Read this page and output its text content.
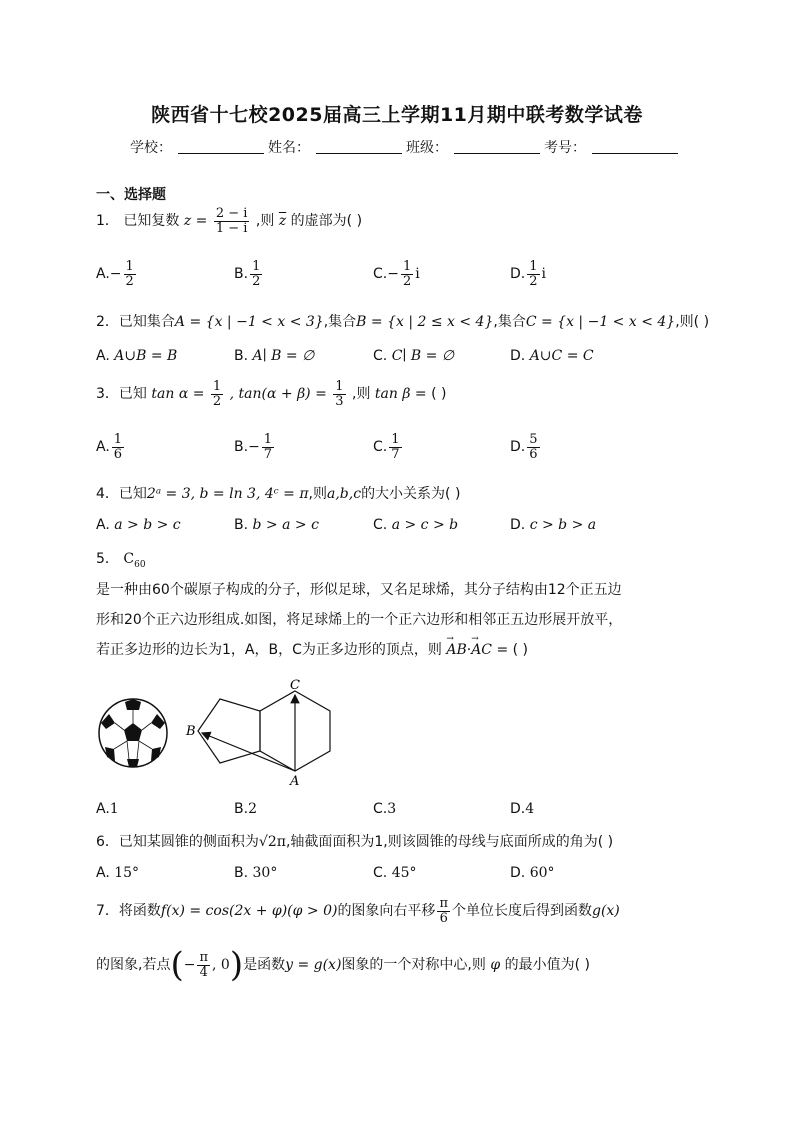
陕西省十七校2025届高三上学期11月期中联考数学试卷
学校：	姓名：	班级：	考号：
一、选择题
1． 已知复数 $z = \frac{2 - i}{1 - i}$ ,则 $\overline{z}$ 的虚部为( )
$A.- \frac{1}{2}$	B. $\frac{1}{2}$	$C.- \frac{1}{2}$ i	D. $\frac{1}{2}$ i
2．已知集合A = {x | −1 < x < 3},集合B = {x | 2 ≤ x < 4},集合C = {x | −1 < x < 4},则( )
A. A∪B = B	B. A∣ B = ∅	C. C∣ B = ∅	D. A∪C = C
3．已知 $\tan \alpha = \frac{1}{2}$ , $\tan(\alpha + \beta) = \frac{1}{3}$ ,则 tan β = ( )
A. $\frac{1}{6}$	$B.- \frac{1}{7}$	C. $\frac{1}{7}$	D. $\frac{5}{6}$
4．已知2ᵃ = 3, b = ln 3, 4ᶜ = π,则a,b,c的大小关系为( )
A. a > b > c	B. b > a > c	C. a > c > b	D. c > b > a
5． $C_{60}$
是一种由60个碳原子构成的分子，形似足球，又名足球烯，其分子结构由12个正五边
形和20个正六边形组成.如图，将足球烯上的一个正六边形和相邻正五边形展开放平，
若正多边形的边长为1，A，B，C为正多边形的顶点，则 → AB·→ AC = ( )
C
B
A
A.1	B.2	C.3	D.4
6．已知某圆锥的侧面积为√2π,轴截面面积为1,则该圆锥的母线与底面所成的角为( )
A. 15°	B. 30°	C. 45°	D. 60°
7．将函数f(x) = cos(2x + φ)(φ > 0)的图象向右平移 $\frac{\pi}{6}$ 个单位长度后得到函数g(x)
的图象,若点(− $\frac{\pi}{4}$ , 0)是函数y = g(x)图象的一个对称中心,则 φ 的最小值为( )
